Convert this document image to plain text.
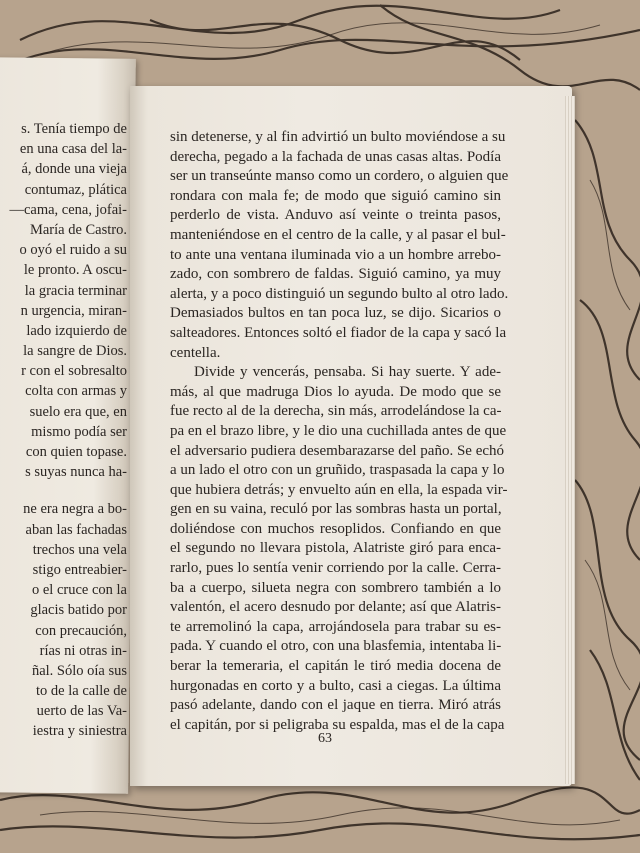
s. Tenía tiempo de
en una casa del la-
á, donde una vieja
contumaz, plática
—cama, cena, jofai-
María de Castro.
o oyó el ruido a su
le pronto. A oscu-
la gracia terminar
n urgencia, miran-
lado izquierdo de
la sangre de Dios.
r con el sobresalto
colta con armas y
suelo era que, en
mismo podía ser
con quien topase.
s suyas nunca ha-
ne era negra a bo-
aban las fachadas
trechos una vela
stigo entreabier-
o el cruce con la
glacis batido por
con precaución,
rías ni otras in-
ñal. Sólo oía sus
to de la calle de
uerto de las Va-
iestra y siniestra
sin detenerse, y al fin advirtió un bulto moviéndose a su
derecha, pegado a la fachada de unas casas altas. Podía
ser un transeúnte manso como un cordero, o alguien que
rondara con mala fe; de modo que siguió camino sin
perderlo de vista. Anduvo así veinte o treinta pasos,
manteniéndose en el centro de la calle, y al pasar el bul-
to ante una ventana iluminada vio a un hombre arrebo-
zado, con sombrero de faldas. Siguió camino, ya muy
alerta, y a poco distinguió un segundo bulto al otro lado.
Demasiados bultos en tan poca luz, se dijo. Sicarios o
salteadores. Entonces soltó el fiador de la capa y sacó la
centella.
Divide y vencerás, pensaba. Si hay suerte. Y ade-
más, al que madruga Dios lo ayuda. De modo que se
fue recto al de la derecha, sin más, arrodelándose la ca-
pa en el brazo libre, y le dio una cuchillada antes de que
el adversario pudiera desembarazarse del paño. Se echó
a un lado el otro con un gruñido, traspasada la capa y lo
que hubiera detrás; y envuelto aún en ella, la espada vir-
gen en su vaina, reculó por las sombras hasta un portal,
doliéndose con muchos resoplidos. Confiando en que
el segundo no llevara pistola, Alatriste giró para enca-
rarlo, pues lo sentía venir corriendo por la calle. Cerra-
ba a cuerpo, silueta negra con sombrero también a lo
valentón, el acero desnudo por delante; así que Alatris-
te arremolinó la capa, arrojándosela para trabar su es-
pada. Y cuando el otro, con una blasfemia, intentaba li-
berar la temeraria, el capitán le tiró media docena de
hurgonadas en corto y a bulto, casi a ciegas. La última
pasó adelante, dando con el jaque en tierra. Miró atrás
el capitán, por si peligraba su espalda, mas el de la capa
63
